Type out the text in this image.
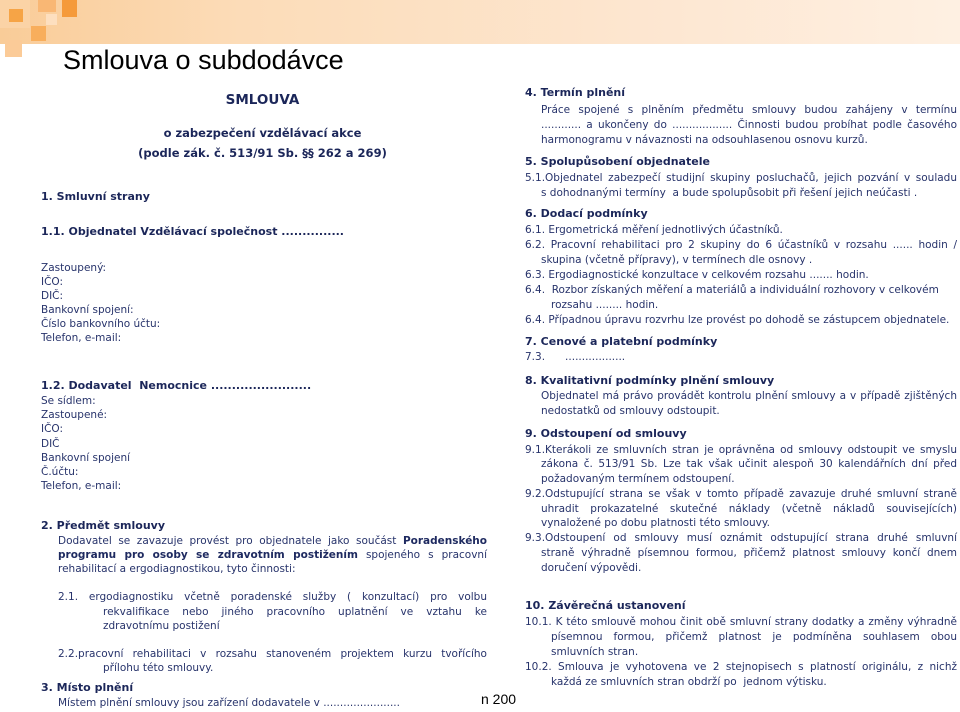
Smlouva o subdodávce
SMLOUVA
o zabezpečení vzdělávací akce
(podle zák. č. 513/91 Sb. §§ 262 a 269)
1. Smluvní strany
1.1. Objednatel Vzdělávací společnost ...............
Zastoupený:
IČO:
DIČ:
Bankovní spojení:
Číslo bankovního účtu:
Telefon, e-mail:
1.2. Dodavatel  Nemocnice ........................
Se sídlem:
Zastoupené:
IČO:
DIČ
Bankovní spojení
Č.účtu:
Telefon, e-mail:
2. Předmět smlouvy
Dodavatel se zavazuje provést pro objednatele jako součást Poradenského
programu pro osoby se zdravotním postižením spojeného s pracovní
rehabilitací a ergodiagnostikou, tyto činnosti:
2.1. ergodiagnostiku včetně poradenské služby ( konzultací) pro volbu
rekvalifikace nebo jiného pracovního uplatnění ve vztahu ke
zdravotnímu postižení
2.2.pracovní rehabilitaci v rozsahu stanoveném projektem kurzu tvořícího
přílohu této smlouvy.
3. Místo plnění
Místem plnění smlouvy jsou zařízení dodavatele v .......................
4. Termín plnění
Práce spojené s plněním předmětu smlouvy budou zahájeny v termínu
............ a ukončeny do .................. Činnosti budou probíhat podle časového
harmonogramu v návaznosti na odsouhlasenou osnovu kurzů.
5. Spolupůsobení objednatele
5.1.Objednatel zabezpečí studijní skupiny posluchačů, jejich pozvání v souladu
s dohodnanými termíny  a bude spolupůsobit při řešení jejich neúčasti .
6. Dodací podmínky
6.1. Ergometrická měření jednotlivých účastníků.
6.2. Pracovní rehabilitaci pro 2 skupiny do 6 účastníků v rozsahu ...... hodin /
skupina (včetně přípravy), v termínech dle osnovy .
6.3. Ergodiagnostické konzultace v celkovém rozsahu ....... hodin.
6.4.  Rozbor získaných měření a materiálů a individuální rozhovory v celkovém
rozsahu ........ hodin.
6.4. Případnou úpravu rozvrhu lze provést po dohodě se zástupcem objednatele.
7. Cenové a platební podmínky
7.3.      ..................
8. Kvalitativní podmínky plnění smlouvy
Objednatel má právo provádět kontrolu plnění smlouvy a v případě zjištěných
nedostatků od smlouvy odstoupit.
9. Odstoupení od smlouvy
9.1.Kterákoli ze smluvních stran je oprávněna od smlouvy odstoupit ve smyslu
zákona č. 513/91 Sb. Lze tak však učinit alespoň 30 kalendářních dní před
požadovaným termínem odstoupení.
9.2.Odstupující strana se však v tomto případě zavazuje druhé smluvní straně
uhradit prokazatelné skutečné náklady (včetně nákladů souvisejících)
vynaložené po dobu platnosti této smlouvy.
9.3.Odstoupení od smlouvy musí oznámit odstupující strana druhé smluvní
straně výhradně písemnou formou, přičemž platnost smlouvy končí dnem
doručení výpovědi.
10. Závěrečná ustanovení
10.1. K této smlouvě mohou činit obě smluvní strany dodatky a změny výhradně
písemnou formou, přičemž platnost je podmíněna souhlasem obou
smluvních stran.
10.2. Smlouva je vyhotovena ve 2 stejnopisech s platností originálu, z nichž
každá ze smluvních stran obdrží po  jednom výtisku.
n 200
